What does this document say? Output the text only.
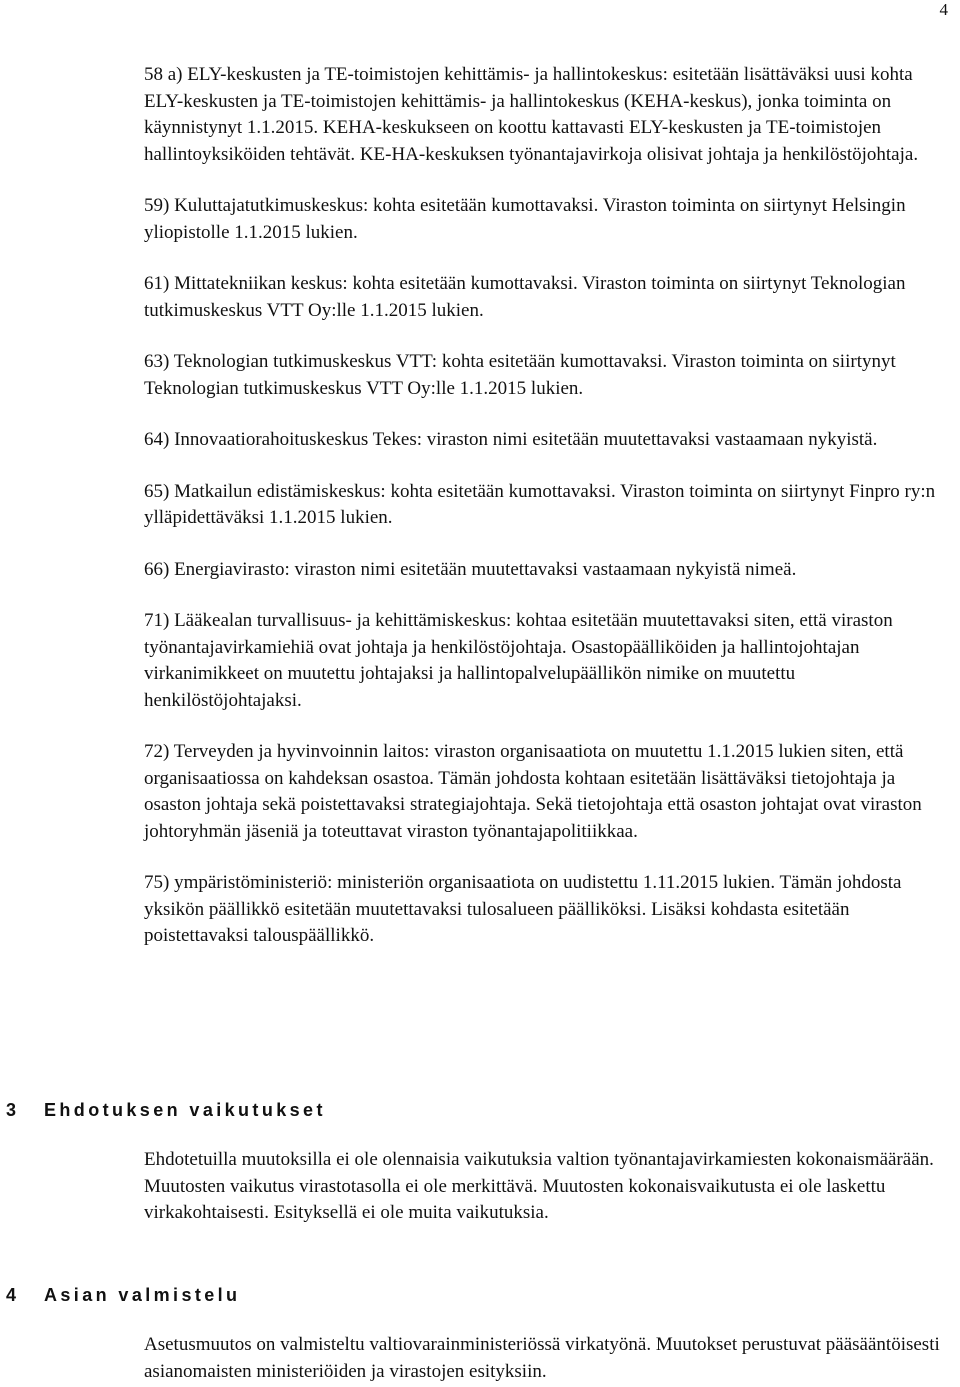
4

58 a) ELY-keskusten ja TE-toimistojen kehittämis- ja hallintokeskus: esitetään lisättäväksi uusi kohta ELY-keskusten ja TE-toimistojen kehittämis- ja hallintokeskus (KEHA-keskus), jonka toiminta on käynnistynyt 1.1.2015. KEHA-keskukseen on koottu kattavasti ELY-keskusten ja TE-toimistojen hallintoyksiköiden tehtävät. KE-HA-keskuksen työnantajavirkoja olisivat johtaja ja henkilöstöjohtaja.

59) Kuluttajatutkimuskeskus: kohta esitetään kumottavaksi. Viraston toiminta on siirtynyt Helsingin yliopistolle 1.1.2015 lukien.

61) Mittatekniikan keskus: kohta esitetään kumottavaksi. Viraston toiminta on siirtynyt Teknologian tutkimuskeskus VTT Oy:lle 1.1.2015 lukien.

63) Teknologian tutkimuskeskus VTT: kohta esitetään kumottavaksi. Viraston toiminta on siirtynyt Teknologian tutkimuskeskus VTT Oy:lle 1.1.2015 lukien.

64) Innovaatiorahoituskeskus Tekes: viraston nimi esitetään muutettavaksi vastaamaan nykyistä.

65) Matkailun edistämiskeskus: kohta esitetään kumottavaksi. Viraston toiminta on siirtynyt Finpro ry:n ylläpidettäväksi 1.1.2015 lukien.

66) Energiavirasto: viraston nimi esitetään muutettavaksi vastaamaan nykyistä nimeä.

71) Lääkealan turvallisuus- ja kehittämiskeskus: kohtaa esitetään muutettavaksi siten, että viraston työnantajavirkamiehiä ovat johtaja ja henkilöstöjohtaja. Osastopäälliköiden ja hallintojohtajan virkanimikkeet on muutettu johtajaksi ja hallintopalvelupäällikön nimike on muutettu henkilöstöjohtajaksi.

72) Terveyden ja hyvinvoinnin laitos: viraston organisaatiota on muutettu 1.1.2015 lukien siten, että organisaatiossa on kahdeksan osastoa. Tämän johdosta kohtaan esitetään lisättäväksi tietojohtaja ja osaston johtaja sekä poistettavaksi strategiajohtaja. Sekä tietojohtaja että osaston johtajat ovat viraston johtoryhmän jäseniä ja toteuttavat viraston työnantajapolitiikkaa.

75) ympäristöministeriö: ministeriön organisaatiota on uudistettu 1.11.2015 lukien. Tämän johdosta yksikön päällikkö esitetään muutettavaksi tulosalueen päälliköksi. Lisäksi kohdasta esitetään poistettavaksi talouspäällikkö.

3 Ehdotuksen vaikutukset

Ehdotetuilla muutoksilla ei ole olennaisia vaikutuksia valtion työnantajavirkamiesten kokonaismäärään. Muutosten vaikutus virastotasolla ei ole merkittävä. Muutosten kokonaisvaikutusta ei ole laskettu virkakohtaisesti. Esityksellä ei ole muita vaikutuksia.

4 Asian valmistelu

Asetusmuutos on valmisteltu valtiovarainministeriössä virkatyönä. Muutokset perustuvat pääsääntöisesti asianomaisten ministeriöiden ja virastojen esityksiin.
